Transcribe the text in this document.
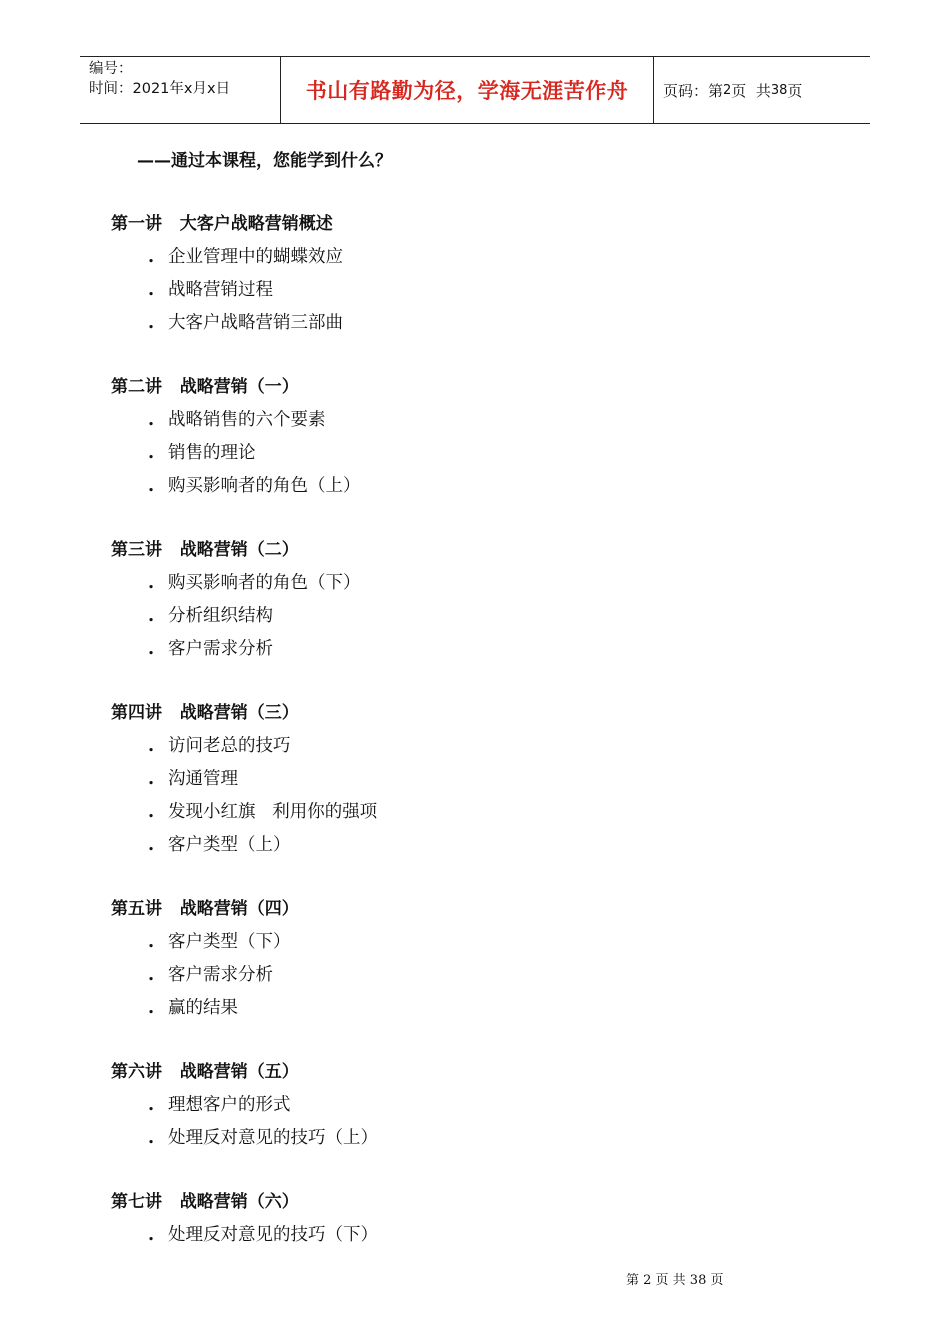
编号：
时间：2021年x月x日	书山有路勤为径，学海无涯苦作舟	页码：第 2 页  共 38 页
——通过本课程，您能学到什么？
第一讲   大客户战略营销概述
. 企业管理中的蝴蝶效应
. 战略营销过程
. 大客户战略营销三部曲
第二讲   战略营销（一）
. 战略销售的六个要素
. 销售的理论
. 购买影响者的角色（上）
第三讲   战略营销（二）
. 购买影响者的角色（下）
. 分析组织结构
. 客户需求分析
第四讲   战略营销（三）
. 访问老总的技巧
. 沟通管理
. 发现小红旗   利用你的强项
. 客户类型（上）
第五讲   战略营销（四）
. 客户类型（下）
. 客户需求分析
. 赢的结果
第六讲   战略营销（五）
. 理想客户的形式
. 处理反对意见的技巧（上）
第七讲   战略营销（六）
. 处理反对意见的技巧（下）
第 2 页 共 38 页
